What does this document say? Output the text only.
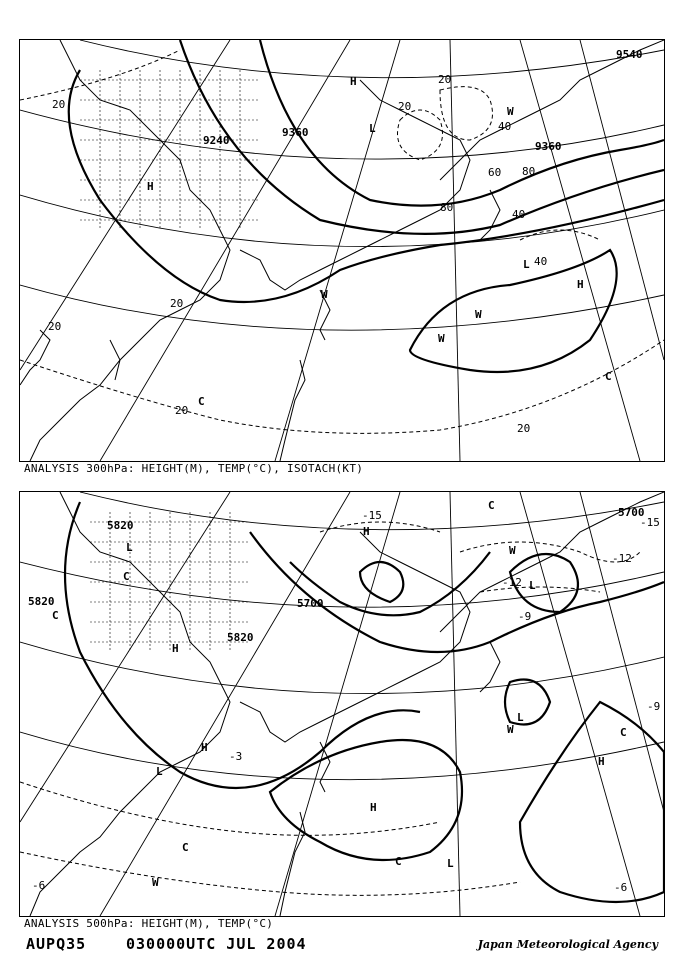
9240
9360
9360
9540
20
20
20
20
20
20
20
40
40
40
60
80
80
H
H
H
L
L
W
W
W
W
C
C
ANALYSIS 300hPa: HEIGHT(M), TEMP(°C), ISOTACH(KT)
5820
5820
5820
5700
5700
-3
-6	-6
-9
-9
-12
-12
-15
-15
H
H
H
H
H
L
L
L
L
L
W
W
W
C
C
C
C
C
C
ANALYSIS 500hPa: HEIGHT(M), TEMP(°C)
AUPQ35	030000UTC JUL 2004	Japan Meteorological Agency
